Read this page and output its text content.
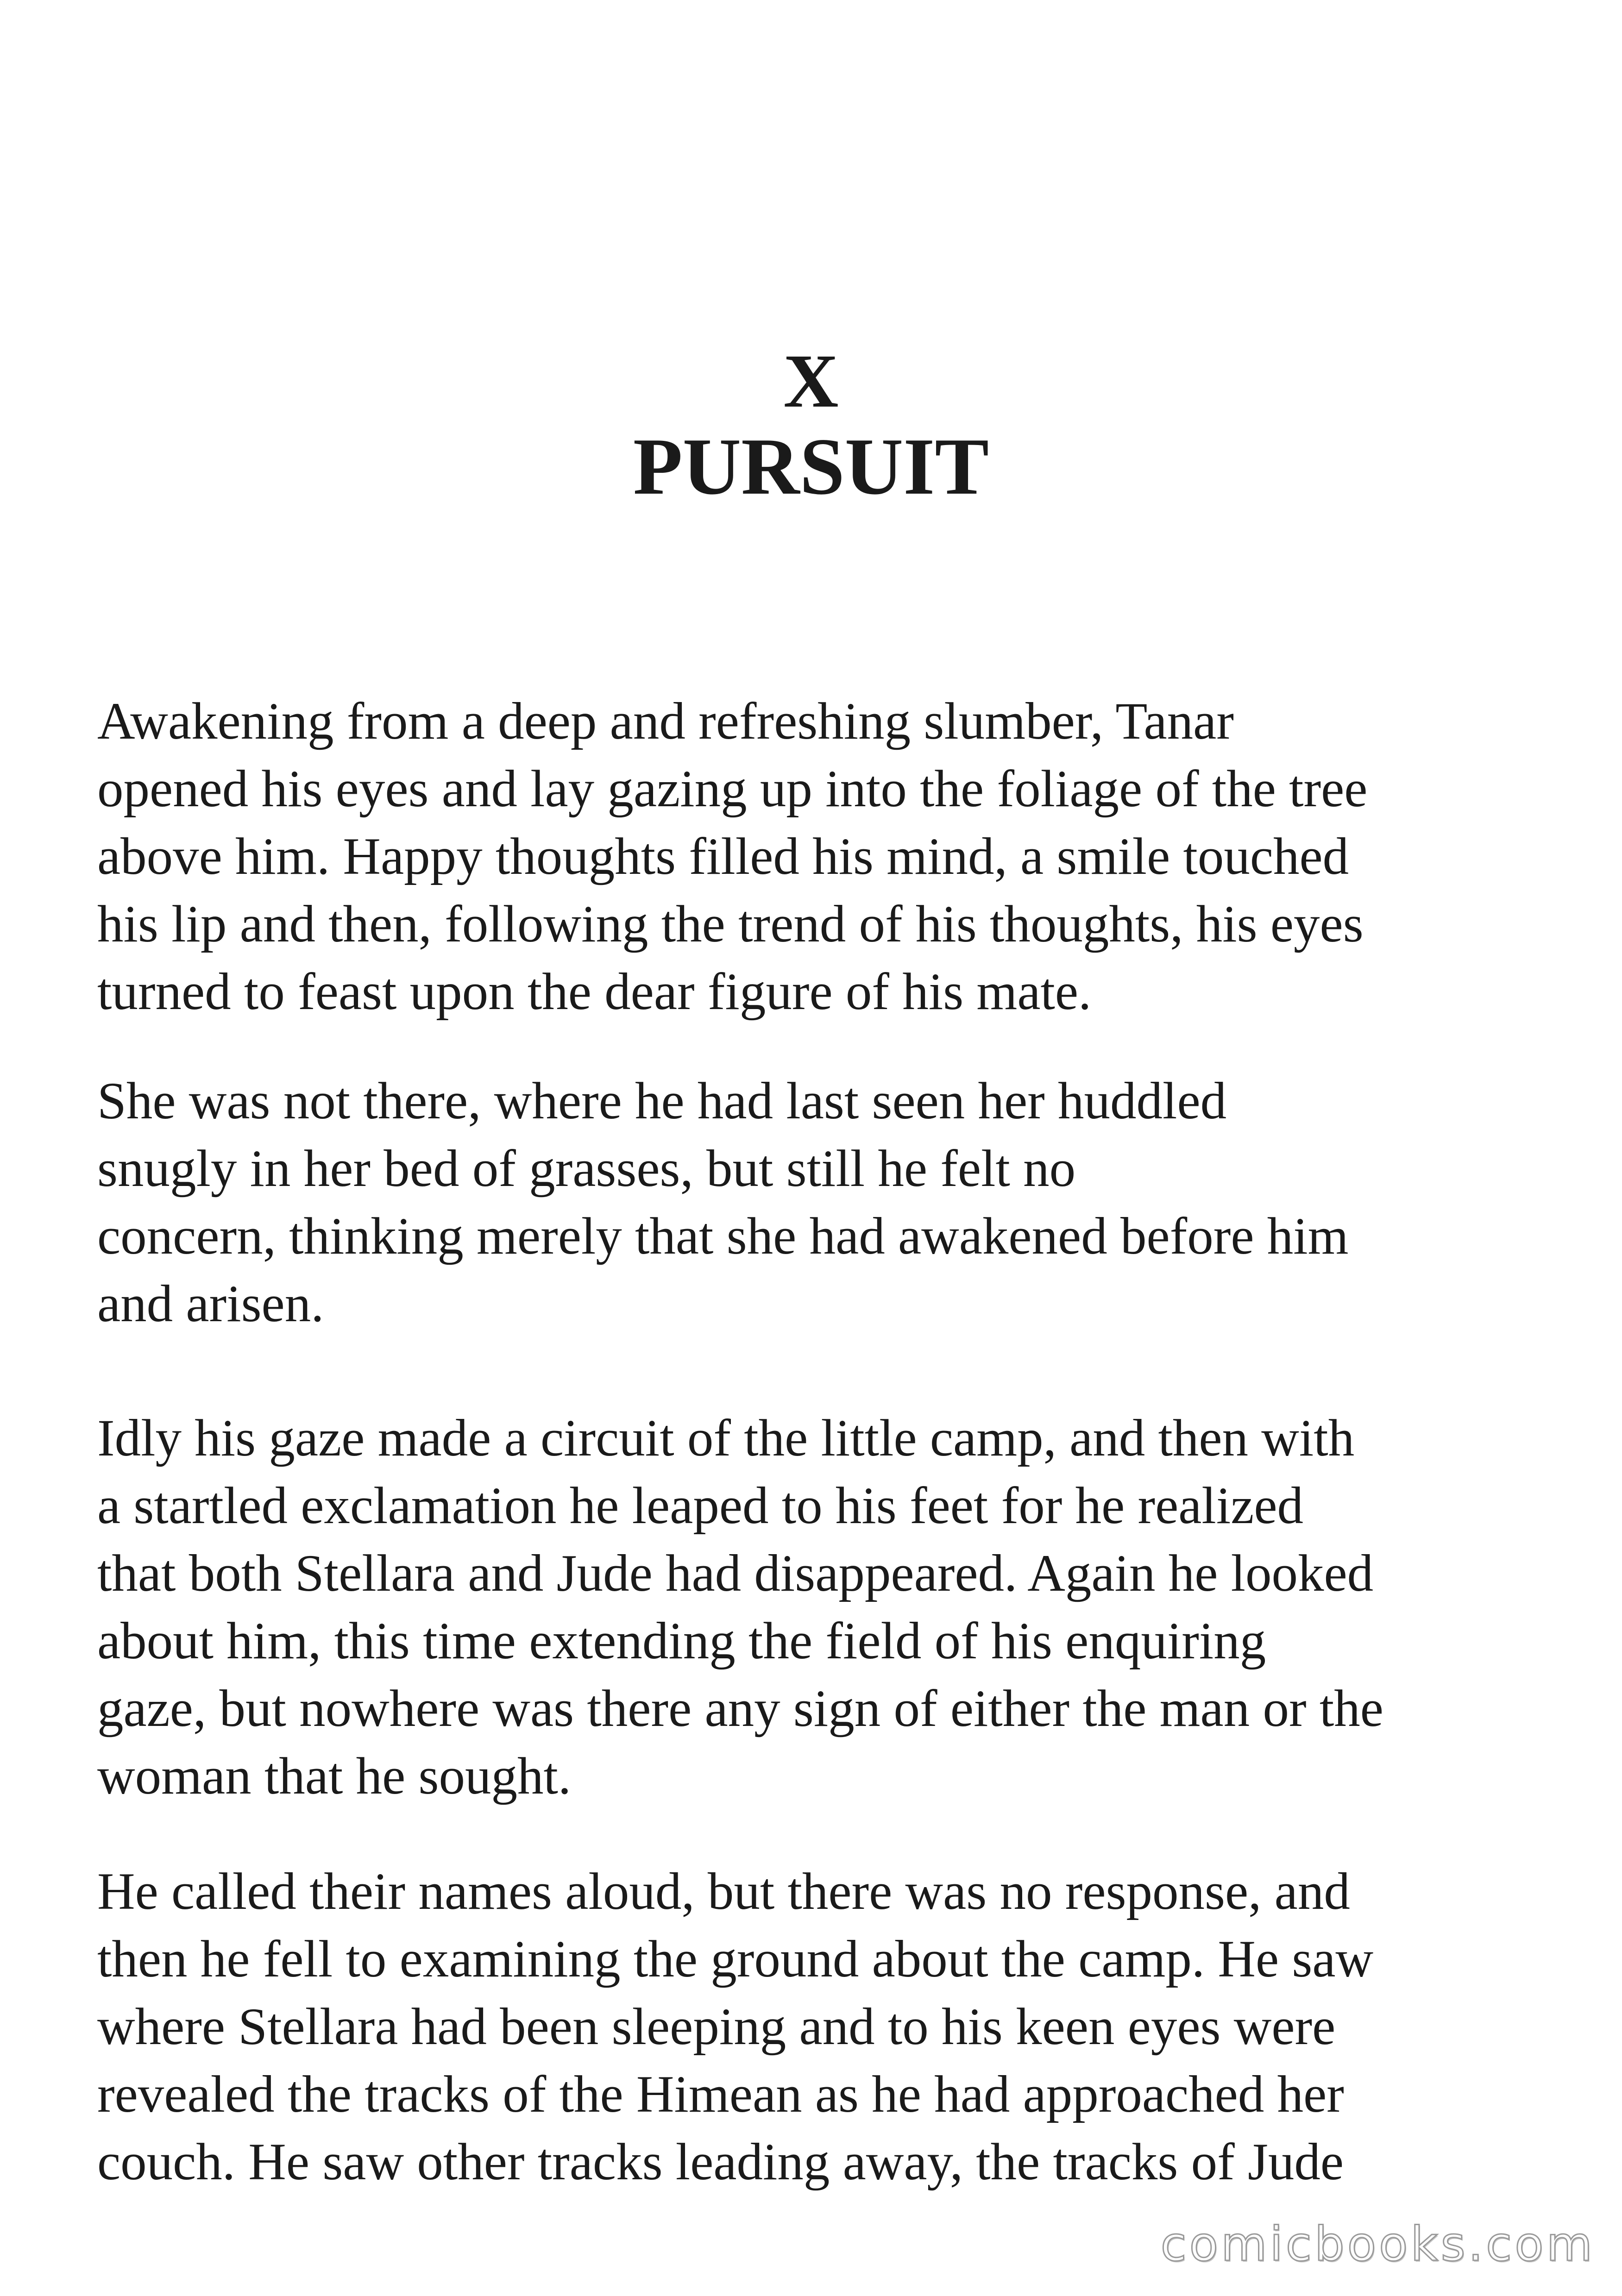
X
PURSUIT

Awakening from a deep and refreshing slumber, Tanar
opened his eyes and lay gazing up into the foliage of the tree
above him. Happy thoughts filled his mind, a smile touched
his lip and then, following the trend of his thoughts, his eyes
turned to feast upon the dear figure of his mate.

She was not there, where he had last seen her huddled
snugly in her bed of grasses, but still he felt no
concern, thinking merely that she had awakened before him
and arisen.

Idly his gaze made a circuit of the little camp, and then with
a startled exclamation he leaped to his feet for he realized
that both Stellara and Jude had disappeared. Again he looked
about him, this time extending the field of his enquiring
gaze, but nowhere was there any sign of either the man or the
woman that he sought.

He called their names aloud, but there was no response, and
then he fell to examining the ground about the camp. He saw
where Stellara had been sleeping and to his keen eyes were
revealed the tracks of the Himean as he had approached her
couch. He saw other tracks leading away, the tracks of Jude

comicbooks.com
